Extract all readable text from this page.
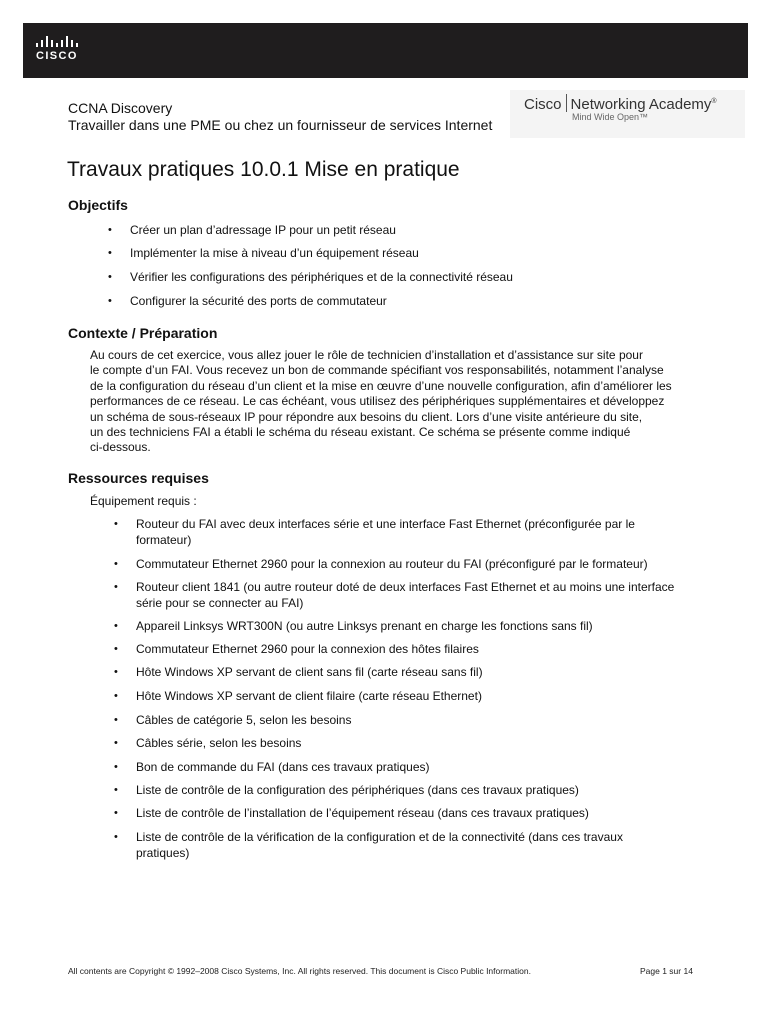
CISCO
CCNA Discovery
Travailler dans une PME ou chez un fournisseur de services Internet
Cisco Networking Academy®
Mind Wide Open™
Travaux pratiques 10.0.1 Mise en pratique
Objectifs
• Créer un plan d’adressage IP pour un petit réseau
• Implémenter la mise à niveau d’un équipement réseau
• Vérifier les configurations des périphériques et de la connectivité réseau
• Configurer la sécurité des ports de commutateur
Contexte / Préparation
Au cours de cet exercice, vous allez jouer le rôle de technicien d’installation et d’assistance sur site pour
le compte d’un FAI. Vous recevez un bon de commande spécifiant vos responsabilités, notamment l’analyse
de la configuration du réseau d’un client et la mise en œuvre d’une nouvelle configuration, afin d’améliorer les
performances de ce réseau. Le cas échéant, vous utilisez des périphériques supplémentaires et développez
un schéma de sous-réseaux IP pour répondre aux besoins du client. Lors d’une visite antérieure du site,
un des techniciens FAI a établi le schéma du réseau existant. Ce schéma se présente comme indiqué
ci-dessous.
Ressources requises
Équipement requis :
• Routeur du FAI avec deux interfaces série et une interface Fast Ethernet (préconfigurée par le
formateur)
• Commutateur Ethernet 2960 pour la connexion au routeur du FAI (préconfiguré par le formateur)
• Routeur client 1841 (ou autre routeur doté de deux interfaces Fast Ethernet et au moins une interface
série pour se connecter au FAI)
• Appareil Linksys WRT300N (ou autre Linksys prenant en charge les fonctions sans fil)
• Commutateur Ethernet 2960 pour la connexion des hôtes filaires
• Hôte Windows XP servant de client sans fil (carte réseau sans fil)
• Hôte Windows XP servant de client filaire (carte réseau Ethernet)
• Câbles de catégorie 5, selon les besoins
• Câbles série, selon les besoins
• Bon de commande du FAI (dans ces travaux pratiques)
• Liste de contrôle de la configuration des périphériques (dans ces travaux pratiques)
• Liste de contrôle de l’installation de l’équipement réseau (dans ces travaux pratiques)
• Liste de contrôle de la vérification de la configuration et de la connectivité (dans ces travaux
pratiques)
All contents are Copyright © 1992–2008 Cisco Systems, Inc. All rights reserved. This document is Cisco Public Information.	Page 1 sur 14
